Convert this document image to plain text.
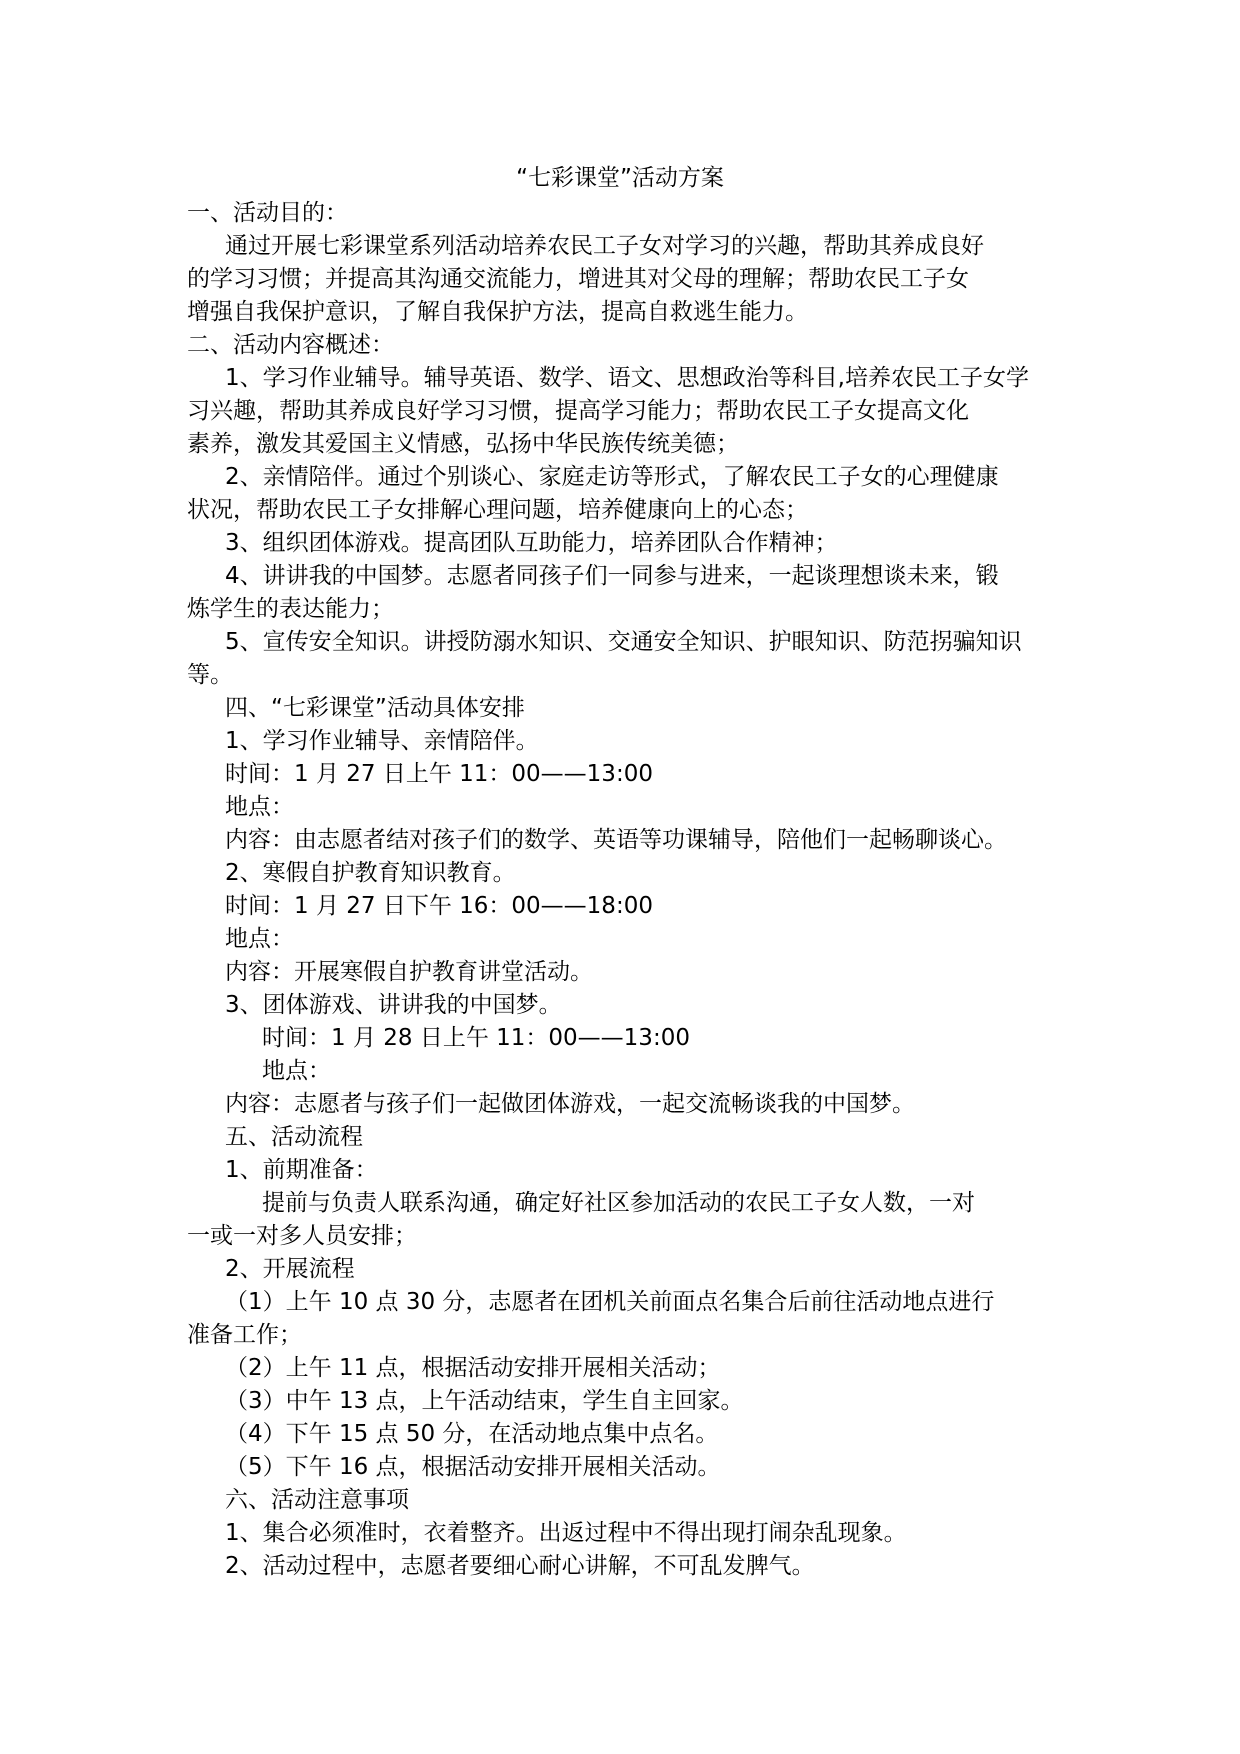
“七彩课堂”活动方案
一、活动目的：
通过开展七彩课堂系列活动培养农民工子女对学习的兴趣，帮助其养成良好
的学习习惯；并提高其沟通交流能力，增进其对父母的理解；帮助农民工子女
增强自我保护意识，了解自我保护方法，提高自救逃生能力。
二、活动内容概述：
1、学习作业辅导。辅导英语、数学、语文、思想政治等科目,培养农民工子女学
习兴趣，帮助其养成良好学习习惯，提高学习能力；帮助农民工子女提高文化
素养，激发其爱国主义情感，弘扬中华民族传统美德；
2、亲情陪伴。通过个别谈心、家庭走访等形式，了解农民工子女的心理健康
状况，帮助农民工子女排解心理问题，培养健康向上的心态；
3、组织团体游戏。提高团队互助能力，培养团队合作精神；
4、讲讲我的中国梦。志愿者同孩子们一同参与进来，一起谈理想谈未来，锻
炼学生的表达能力；
5、宣传安全知识。讲授防溺水知识、交通安全知识、护眼知识、防范拐骗知识
等。
四、“七彩课堂”活动具体安排
1、学习作业辅导、亲情陪伴。
时间：1 月 27 日上午 11：00——13:00
地点：
内容：由志愿者结对孩子们的数学、英语等功课辅导，陪他们一起畅聊谈心。
2、寒假自护教育知识教育。
时间：1 月 27 日下午 16：00——18:00
地点：
内容：开展寒假自护教育讲堂活动。
3、团体游戏、讲讲我的中国梦。
时间：1 月 28 日上午 11：00——13:00
地点：
内容：志愿者与孩子们一起做团体游戏，一起交流畅谈我的中国梦。
五、活动流程
1、前期准备：
提前与负责人联系沟通，确定好社区参加活动的农民工子女人数，一对
一或一对多人员安排；
2、开展流程
（1）上午 10 点 30 分，志愿者在团机关前面点名集合后前往活动地点进行
准备工作；
（2）上午 11 点，根据活动安排开展相关活动；
（3）中午 13 点，上午活动结束，学生自主回家。
（4）下午 15 点 50 分，在活动地点集中点名。
（5）下午 16 点，根据活动安排开展相关活动。
六、活动注意事项
1、集合必须准时，衣着整齐。出返过程中不得出现打闹杂乱现象。
2、活动过程中，志愿者要细心耐心讲解，不可乱发脾气。
